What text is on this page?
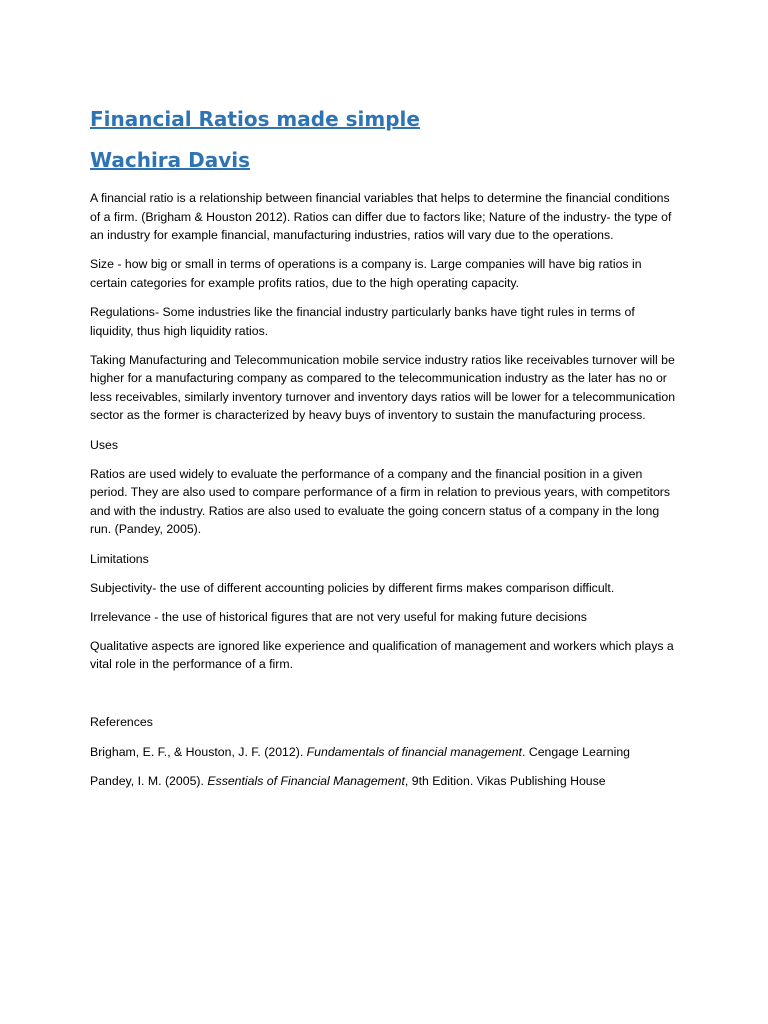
Financial Ratios made simple
Wachira Davis

A financial ratio is a relationship between financial variables that helps to determine the financial conditions of a firm. (Brigham & Houston 2012). Ratios can differ due to factors like; Nature of the industry- the type of an industry for example financial, manufacturing industries, ratios will vary due to the operations.

Size - how big or small in terms of operations is a company is. Large companies will have big ratios in certain categories for example profits ratios, due to the high operating capacity.

Regulations- Some industries like the financial industry particularly banks have tight rules in terms of liquidity, thus high liquidity ratios.

Taking Manufacturing and Telecommunication mobile service industry ratios like receivables turnover will be higher for a manufacturing company as compared to the telecommunication industry as the later has no or less receivables, similarly inventory turnover and inventory days ratios will be lower for a telecommunication sector as the former is characterized by heavy buys of inventory to sustain the manufacturing process.

Uses

Ratios are used widely to evaluate the performance of a company and the financial position in a given period. They are also used to compare performance of a firm in relation to previous years, with competitors and with the industry. Ratios are also used to evaluate the going concern status of a company in the long run. (Pandey, 2005).

Limitations

Subjectivity- the use of different accounting policies by different firms makes comparison difficult.

Irrelevance - the use of historical figures that are not very useful for making future decisions

Qualitative aspects are ignored like experience and qualification of management and workers which plays a vital role in the performance of a firm.

References

Brigham, E. F., & Houston, J. F. (2012). Fundamentals of financial management. Cengage Learning

Pandey, I. M. (2005). Essentials of Financial Management, 9th Edition. Vikas Publishing House
